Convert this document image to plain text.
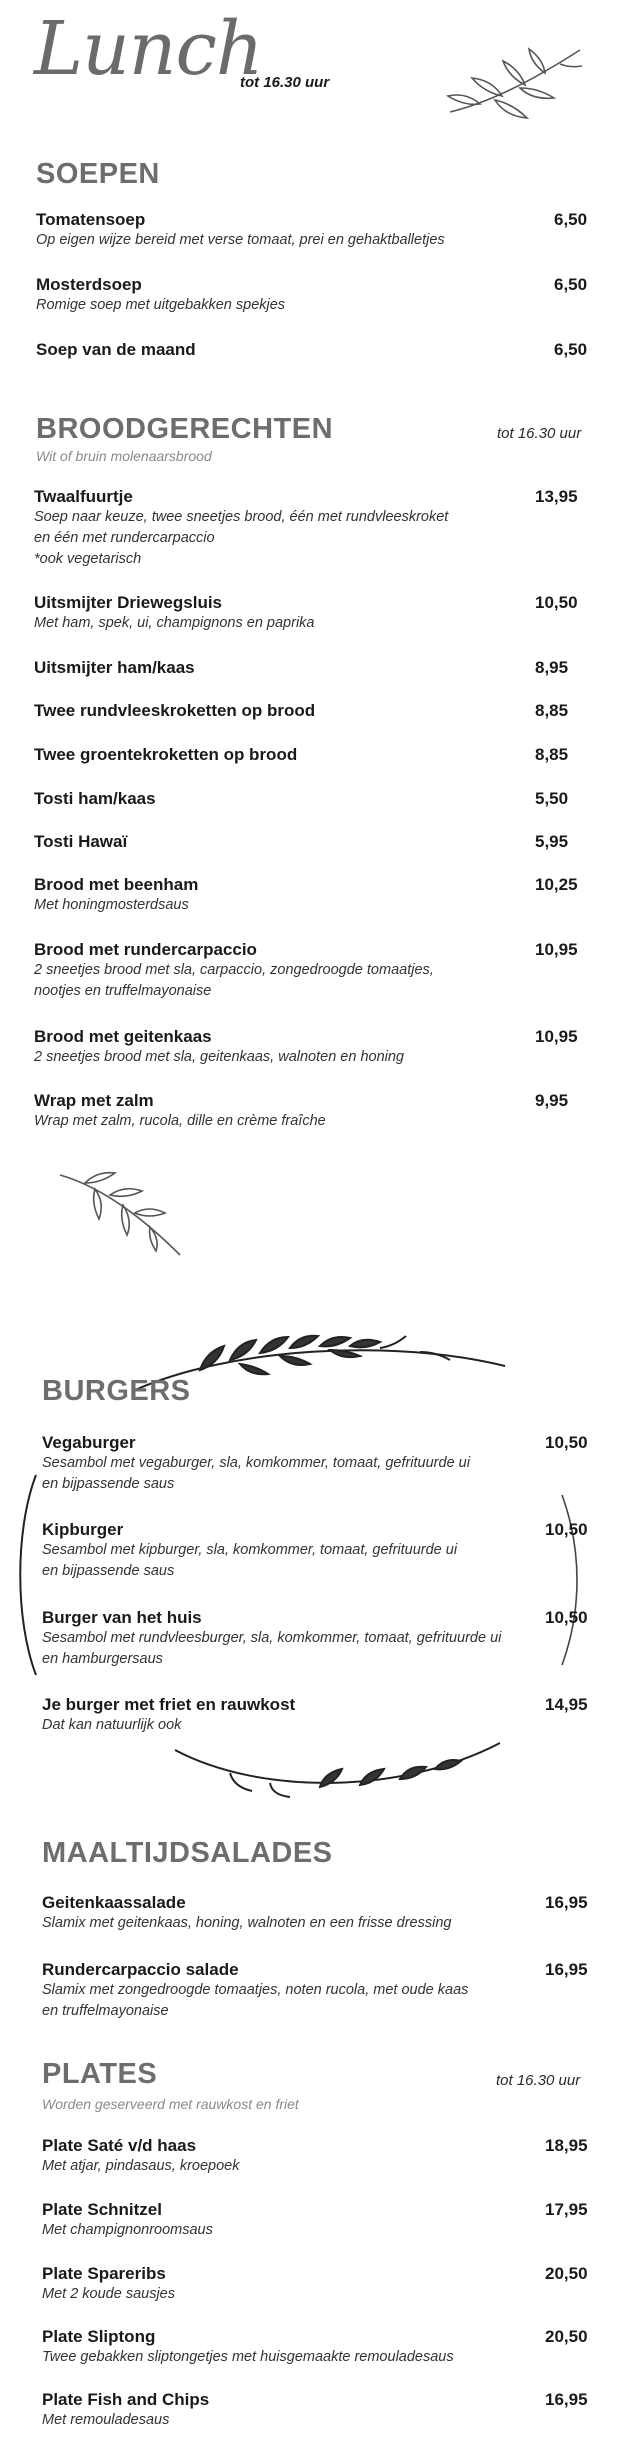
Lunch
tot 16.30 uur
SOEPEN
Tomatensoep
Op eigen wijze bereid met verse tomaat, prei en gehaktballetjes
6,50
Mosterdsoep
Romige soep met uitgebakken spekjes
6,50
Soep van de maand	6,50
BROODGERECHTEN	tot 16.30 uur
Wit of bruin molenaarsbrood
Twaalfuurtje
Soep naar keuze, twee sneetjes brood, één met rundvleeskroket
en één met rundercarpaccio
*ook vegetarisch
13,95
Uitsmijter Driewegsluis
Met ham, spek, ui, champignons en paprika
10,50
Uitsmijter ham/kaas	8,95
Twee rundvleeskroketten op brood	8,85
Twee groentekroketten op brood	8,85
Tosti ham/kaas	5,50
Tosti Hawaï	5,95
Brood met beenham
Met honingmosterdsaus
10,25
Brood met rundercarpaccio
2 sneetjes brood met sla, carpaccio, zongedroogde tomaatjes,
nootjes en truffelmayonaise
10,95
Brood met geitenkaas
2 sneetjes brood met sla, geitenkaas, walnoten en honing
10,95
Wrap met zalm
Wrap met zalm, rucola, dille en crème fraîche
9,95
BURGERS
Vegaburger
Sesambol met vegaburger, sla, komkommer, tomaat, gefrituurde ui
en bijpassende saus
10,50
Kipburger
Sesambol met kipburger, sla, komkommer, tomaat, gefrituurde ui
en bijpassende saus
10,50
Burger van het huis
Sesambol met rundvleesburger, sla, komkommer, tomaat, gefrituurde ui
en hamburgersaus
10,50
Je burger met friet en rauwkost
Dat kan natuurlijk ook
14,95
MAALTIJDSALADES
Geitenkaassalade
Slamix met geitenkaas, honing, walnoten en een frisse dressing
16,95
Rundercarpaccio salade
Slamix met zongedroogde tomaatjes, noten rucola, met oude kaas
en truffelmayonaise
16,95
PLATES	tot 16.30 uur
Worden geserveerd met rauwkost en friet
Plate Saté v/d haas
Met atjar, pindasaus, kroepoek
18,95
Plate Schnitzel
Met champignonroomsaus
17,95
Plate Spareribs
Met 2 koude sausjes
20,50
Plate Sliptong
Twee gebakken sliptongetjes met huisgemaakte remouladesaus
20,50
Plate Fish and Chips
Met remouladesaus
16,95
